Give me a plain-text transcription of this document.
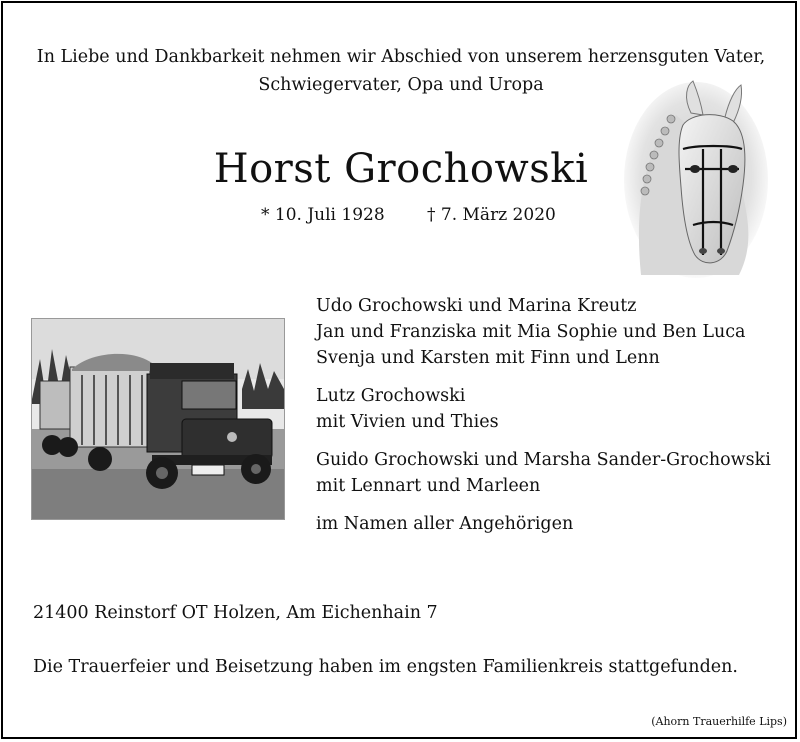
In Liebe und Dankbarkeit nehmen wir Abschied von unserem herzensguten Vater,
Schwiegervater, Opa und Uropa
Horst Grochowski
* 10. Juli 1928 † 7. März 2020
Udo Grochowski und Marina Kreutz
Jan und Franziska mit Mia Sophie und Ben Luca
Svenja und Karsten mit Finn und Lenn
Lutz Grochowski
mit Vivien und Thies
Guido Grochowski und Marsha Sander-Grochowski
mit Lennart und Marleen
im Namen aller Angehörigen
21400 Reinstorf OT Holzen, Am Eichenhain 7
Die Trauerfeier und Beisetzung haben im engsten Familienkreis stattgefunden.
(Ahorn Trauerhilfe Lips)
